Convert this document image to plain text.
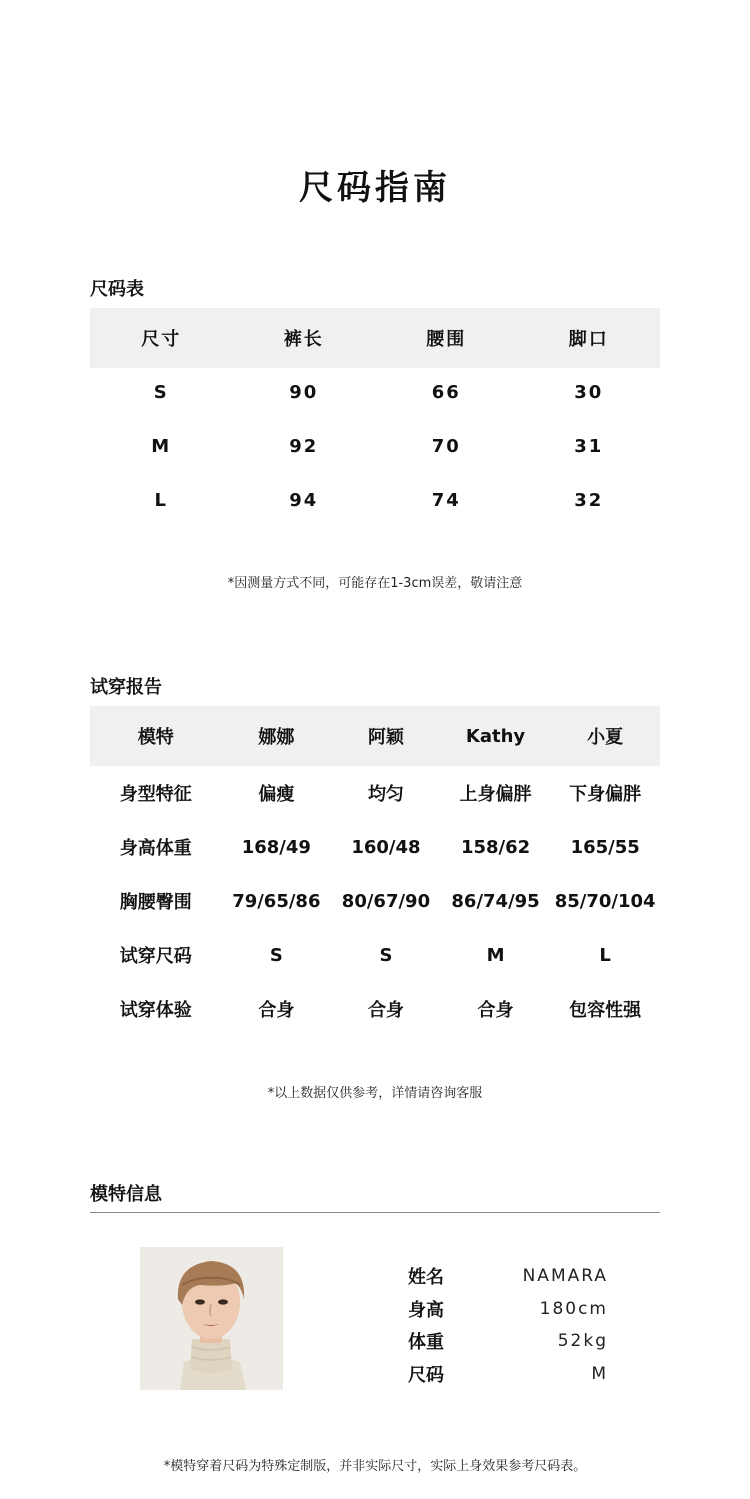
尺码指南
尺码表
尺寸	裤长	腰围	脚口
S	90	66	30
M	92	70	31
L	94	74	32
*因测量方式不同，可能存在1-3cm误差，敬请注意
试穿报告
模特	娜娜	阿颖	Kathy	小夏
身型特征	偏瘦	均匀	上身偏胖	下身偏胖
身高体重	168/49	160/48	158/62	165/55
胸腰臀围	79/65/86	80/67/90	86/74/95 85/70/104
试穿尺码	S	S	M	L
试穿体验	合身	合身	合身	包容性强
*以上数据仅供参考，详情请咨询客服
模特信息
姓名	NAMARA
身高	180cm
体重	52kg
尺码	M
*模特穿着尺码为特殊定制版，并非实际尺寸，实际上身效果参考尺码表。
